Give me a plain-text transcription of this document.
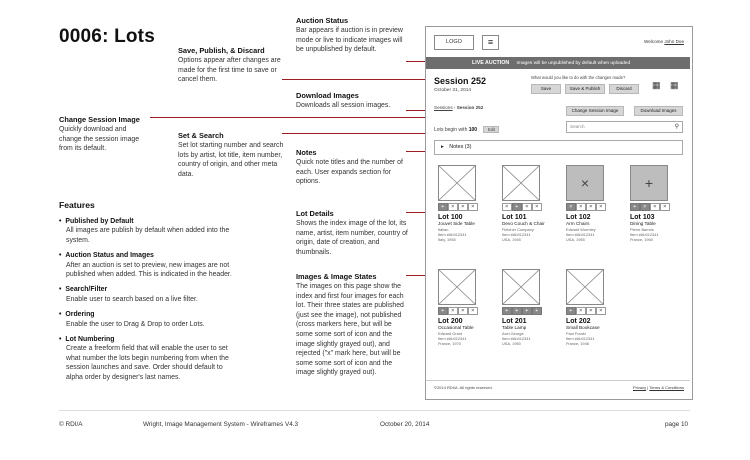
0006: Lots
Save, Publish, & Discard
Options appear after changes are made for the first time to save or cancel them.
Auction Status
Bar appears if auction is in preview mode or live to indicate images will be unpublished by default.
Download Images
Downloads all session images.
Change Session Image
Quickly download and change the session image from its default.
Set & Search
Set lot starting number and search lots by artist, lot title, item number, country of origin, and other meta data.
Notes
Quick note titles and the number of each. User expands section for options.
Lot Details
Shows the index image of the lot, its name, artist, item number, country of origin, date of creation, and thumbnails.
Images & Image States
The images on this page show the index and first four images for each lot. Their three states are published (just see the image), not published (cross markers here, but will be some some sort of icon and the image slightly grayed out), and rejected ("x" mark here, but will be some some sort of icon and the image slightly grayed out).
Features
• Published by Default
All images are publish by default when added into the system.
• Auction Status and Images
After an auction is set to preview, new images are not published when added. This is indicated in the header.
• Search/Filter
Enable user to search based on a live filter.
• Ordering
Enable the user to Drag & Drop to order Lots.
• Lot Numbering
Create a freeform field that will enable the user to set what number the lots begin numbering from when the session launches and save. Order should default to alpha order by designer's last names.
© RDI/A	Wright, Image Management System - Wireframes V4.3	October 20, 2014	page 10
LOGO	≡	Welcome John Doe
LIVE AUCTION Images will be unpublished by default when uploaded
Session 252
October 31, 2014
What would you like to do with the changes made?
Save	Save & Publish	Discard	▦ ▦
Sessions › Session 252
Change Session Image	Download Images
Lots begin with 100	Edit
Search	⚲
▸ Notes (3)
+	×	×	×
Lot 100
Jouvet Side Table
Italian
Item #Ab012341
Italy, 1955
×	+	×	×
Lot 101
Devo Couch & Chair
Fletcher Company
Item #Ab012341
USA, 1945
×
×	×	×	×
Lot 102
Arm Chairs
Edward Wormley
Item #Ab012341
USA, 1955
+
+	×	×	×
Lot 103
Dining Table
Pierre Barrois
Item #Ab012341
France, 1960
+	×	×	×
Lot 200
Occasional Table
Edward Grant
Item #Ab012341
France, 1970
+	+	+	+
Lot 201
Table Lamp
Axel George
Item #Ab012341
USA, 1950
+	×	×	×
Lot 202
Small Bookcase
Paul Frankl
Item #Ab012341
France, 1946
©2014 RDI/A. All rights reserved.	Privacy | Terms & Conditions
